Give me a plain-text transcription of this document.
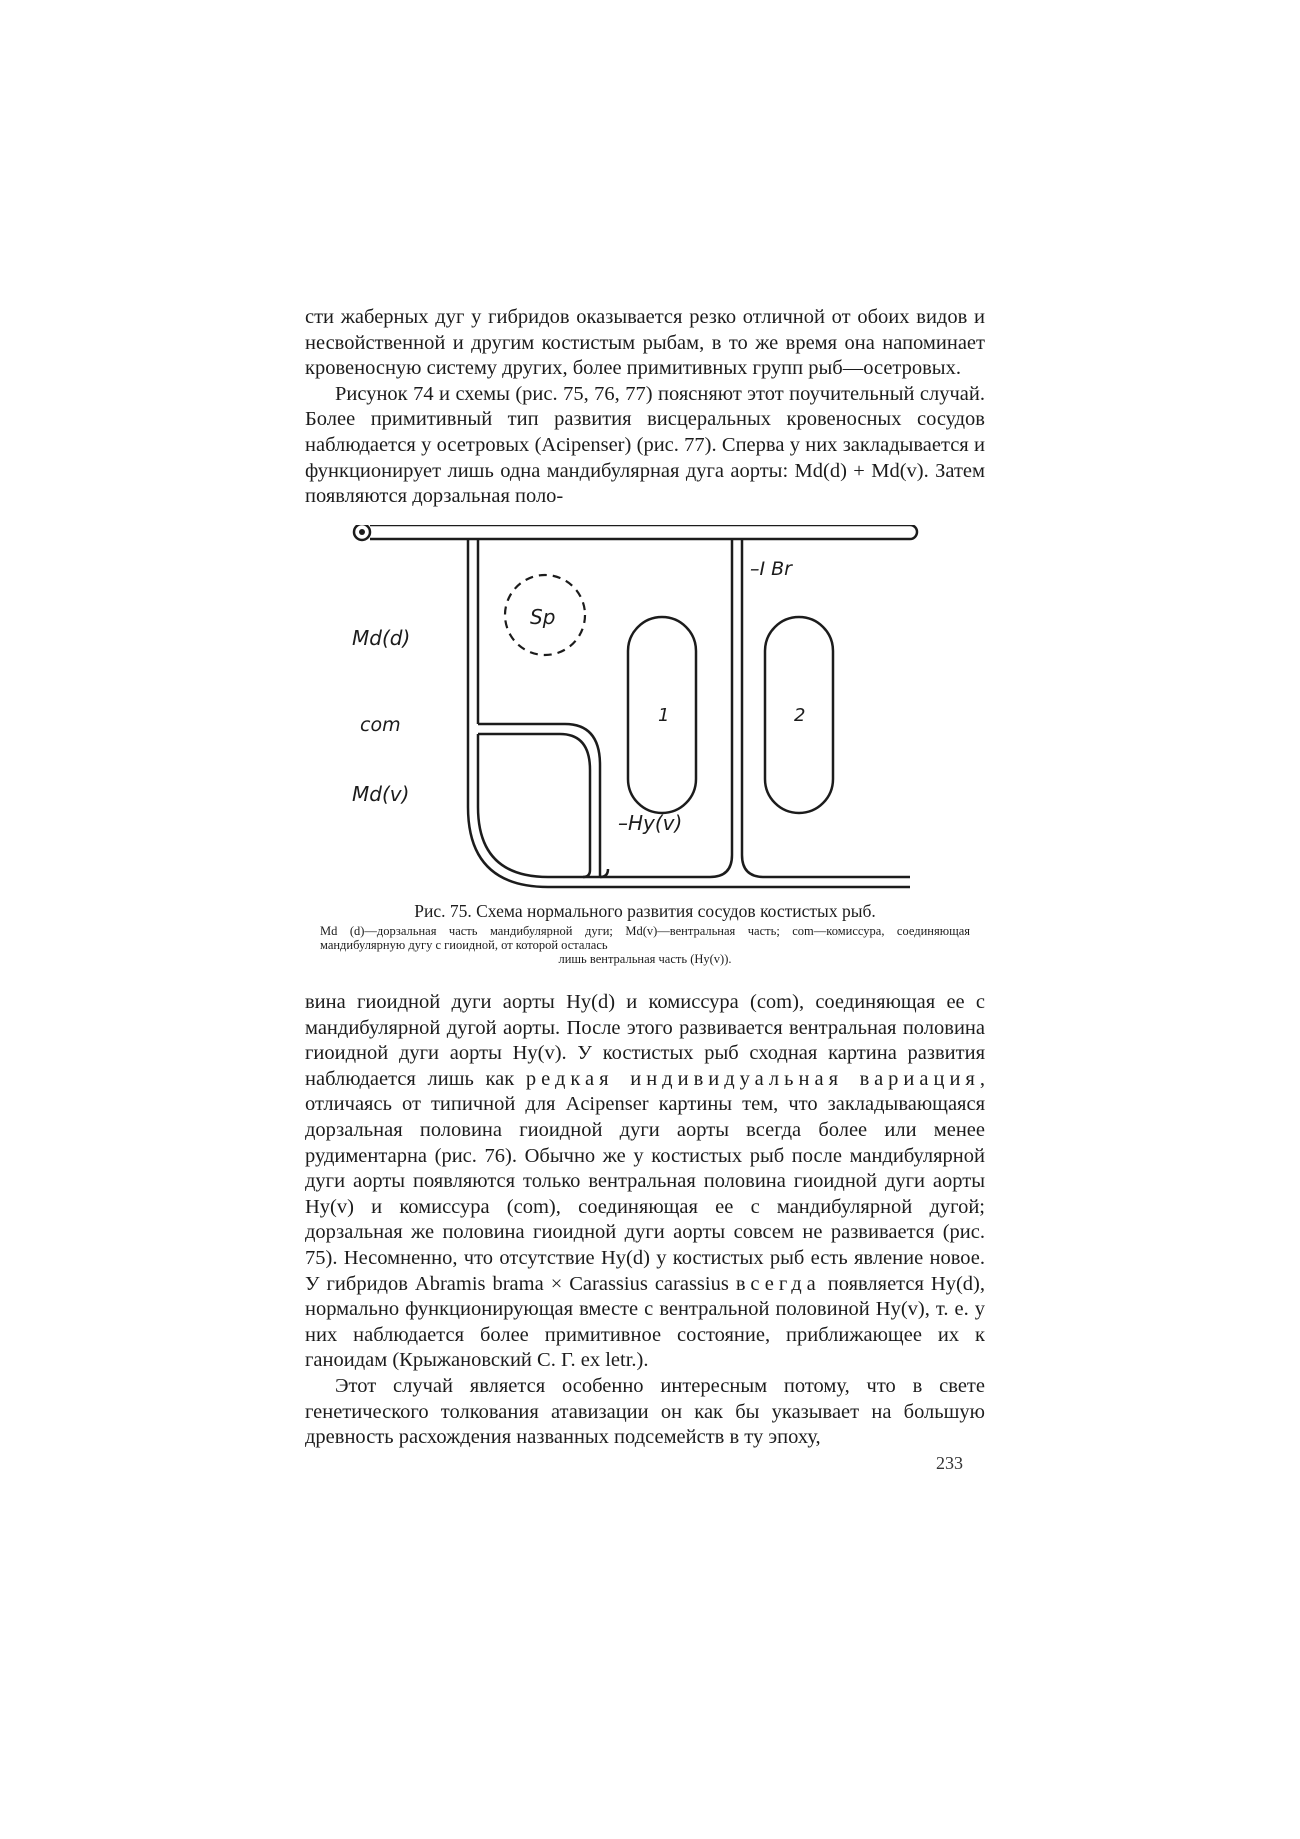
сти жаберных дуг у гибридов оказывается резко отличной от обоих видов и несвойственной и другим костистым рыбам, в то же время она напоминает кровеносную систему других, более примитивных групп рыб—осетровых.

Рисунок 74 и схемы (рис. 75, 76, 77) поясняют этот поучительный случай. Более примитивный тип развития висцеральных кровеносных сосудов наблюдается у осетровых (Acipenser) (рис. 77). Сперва у них закладывается и функционирует лишь одна мандибулярная дуга аорты: Md(d) + Md(v). Затем появляются дорзальная поло-

Sp
1	2
Md(d)
com
Md(v)
–Hy(v)
–I Br
Рис. 75. Схема нормального развития сосудов костистых рыб.
Md (d)—дорзальная часть мандибулярной дуги; Md(v)—вентральная часть; com—комиссура, соединяющая мандибулярную дугу с гиоидной, от которой осталась
лишь вентральная часть (Hy(v)).

вина гиоидной дуги аорты Hy(d) и комиссура (com), соединяющая ее с мандибулярной дугой аорты. После этого развивается вентральная половина гиоидной дуги аорты Hy(v). У костистых рыб сходная картина развития наблюдается лишь как редкая индивидуальная вариация, отличаясь от типичной для Acipenser картины тем, что закладывающаяся дорзальная половина гиоидной дуги аорты всегда более или менее рудиментарна (рис. 76). Обычно же у костистых рыб после мандибулярной дуги аорты появляются только вентральная половина гиоидной дуги аорты Hy(v) и комиссура (com), соединяющая ее с мандибулярной дугой; дорзальная же половина гиоидной дуги аорты совсем не развивается (рис. 75). Несомненно, что отсутствие Hy(d) у костистых рыб есть явление новое. У гибридов Abramis brama × Carassius carassius всегда появляется Hy(d), нормально функционирующая вместе с вентральной половиной Hy(v), т. е. у них наблюдается более примитивное состояние, приближающее их к ганоидам (Крыжановский С. Г. ex letr.).

Этот случай является особенно интересным потому, что в свете генетического толкования атавизации он как бы указывает на большую древность расхождения названных подсемейств в ту эпоху,

233
